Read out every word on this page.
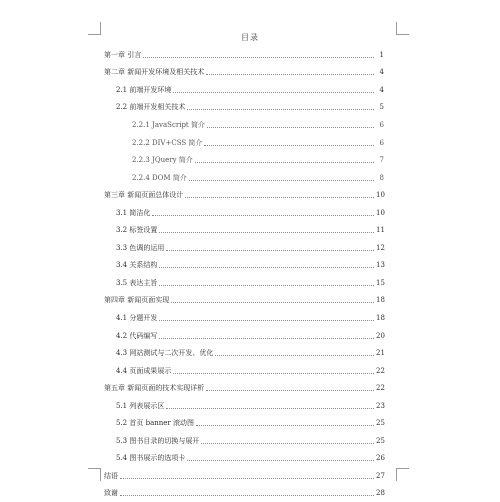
目录
第一章 引言	1
第二章 新闻开发环境及相关技术	4
2.1 前端开发环境	4
2.2 前端开发相关技术	5
2.2.1 JavaScript 简介	6
2.2.2 DIV+CSS 简介	6
2.2.3 JQuery 简介	7
2.2.4 DOM 简介	8
第三章 新闻页面总体设计	10
3.1 简洁化	10
3.2 标签设置	11
3.3 色调的运用	12
3.4 关系结构	13
3.5 表达主旨	15
第四章 新闻页面实现	18
4.1 分题开发	18
4.2 代码编写	20
4.3 网站测试与二次开发、优化	21
4.4 页面成果展示	22
第五章 新闻页面的技术实现详析	22
5.1 列表展示区	23
5.2 首页 banner 滚动图	25
5.3 图书目录的切换与展开	25
5.4 图书展示的选项卡	26
结语	27
致谢	28
